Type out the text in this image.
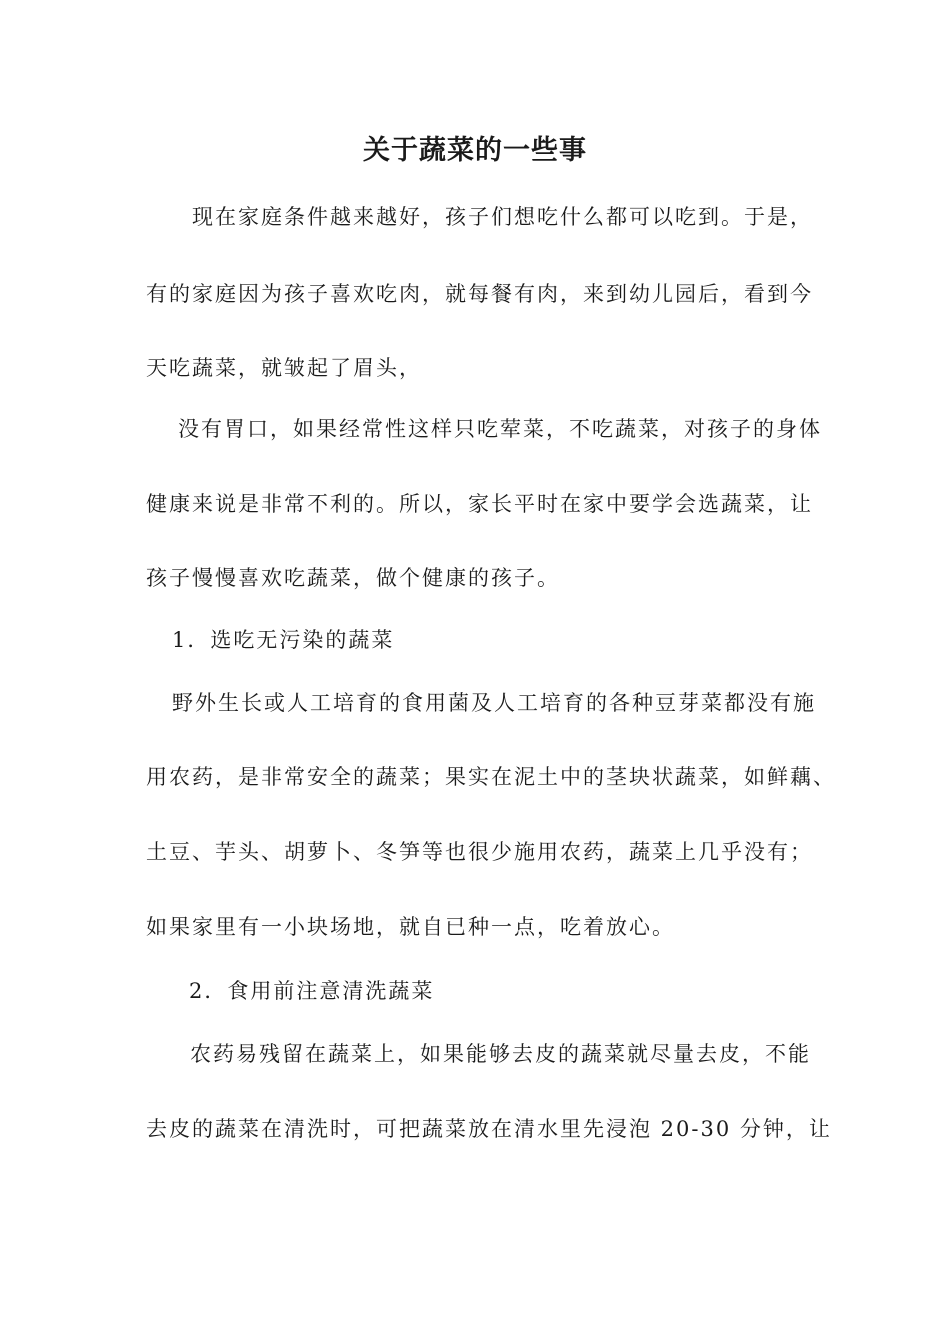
关于蔬菜的一些事

现在家庭条件越来越好，孩子们想吃什么都可以吃到。于是，

有的家庭因为孩子喜欢吃肉，就每餐有肉，来到幼儿园后，看到今

天吃蔬菜，就皱起了眉头，

没有胃口，如果经常性这样只吃荤菜，不吃蔬菜，对孩子的身体

健康来说是非常不利的。所以，家长平时在家中要学会选蔬菜，让

孩子慢慢喜欢吃蔬菜，做个健康的孩子。

1．选吃无污染的蔬菜

野外生长或人工培育的食用菌及人工培育的各种豆芽菜都没有施

用农药，是非常安全的蔬菜；果实在泥土中的茎块状蔬菜，如鲜藕、

土豆、芋头、胡萝卜、冬笋等也很少施用农药，蔬菜上几乎没有；

如果家里有一小块场地，就自已种一点，吃着放心。

2．食用前注意清洗蔬菜

农药易残留在蔬菜上，如果能够去皮的蔬菜就尽量去皮，不能

去皮的蔬菜在清洗时，可把蔬菜放在清水里先浸泡 20-30 分钟，让
